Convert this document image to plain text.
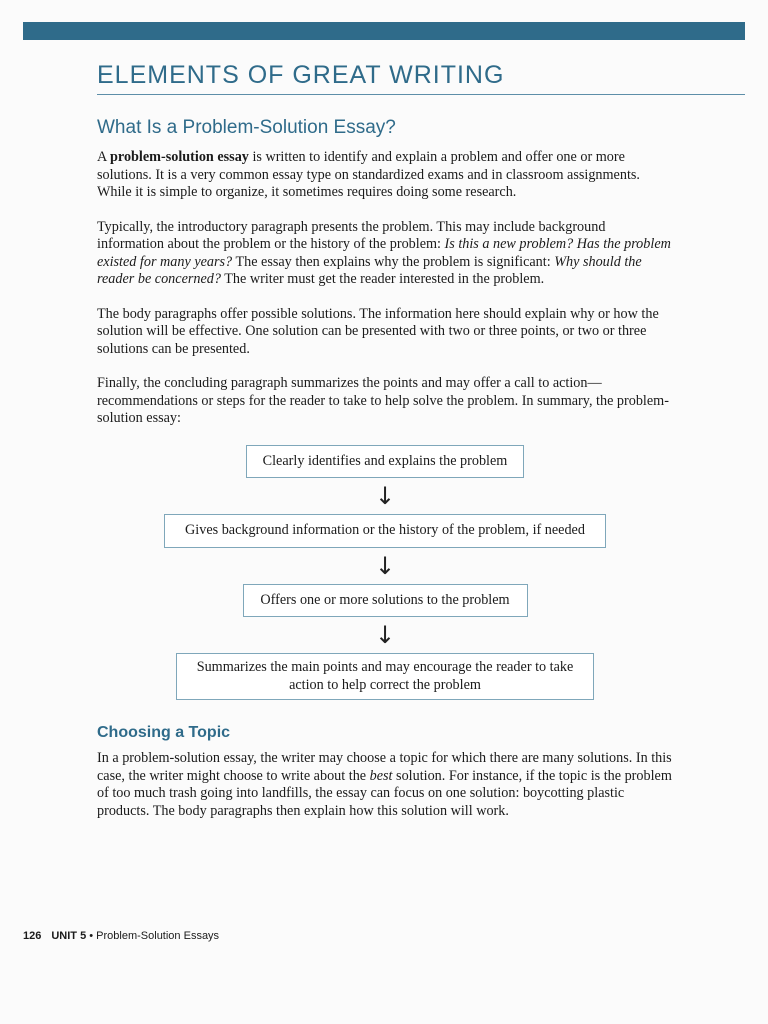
ELEMENTS OF GREAT WRITING
What Is a Problem-Solution Essay?

A problem-solution essay is written to identify and explain a problem and offer one or more solutions. It is a very common essay type on standardized exams and in classroom assignments. While it is simple to organize, it sometimes requires doing some research.

Typically, the introductory paragraph presents the problem. This may include background information about the problem or the history of the problem: Is this a new problem? Has the problem existed for many years? The essay then explains why the problem is significant: Why should the reader be concerned? The writer must get the reader interested in the problem.

The body paragraphs offer possible solutions. The information here should explain why or how the solution will be effective. One solution can be presented with two or three points, or two or three solutions can be presented.

Finally, the concluding paragraph summarizes the points and may offer a call to action—recommendations or steps for the reader to take to help solve the problem. In summary, the problem-solution essay:

Clearly identifies and explains the problem
↓
Gives background information or the history of the problem, if needed
↓
Offers one or more solutions to the problem
↓
Summarizes the main points and may encourage the reader to take action to help correct the problem
Choosing a Topic

In a problem-solution essay, the writer may choose a topic for which there are many solutions. In this case, the writer might choose to write about the best solution. For instance, if the topic is the problem of too much trash going into landfills, the essay can focus on one solution: boycotting plastic products. The body paragraphs then explain how this solution will work.

126 UNIT 5 • Problem-Solution Essays
